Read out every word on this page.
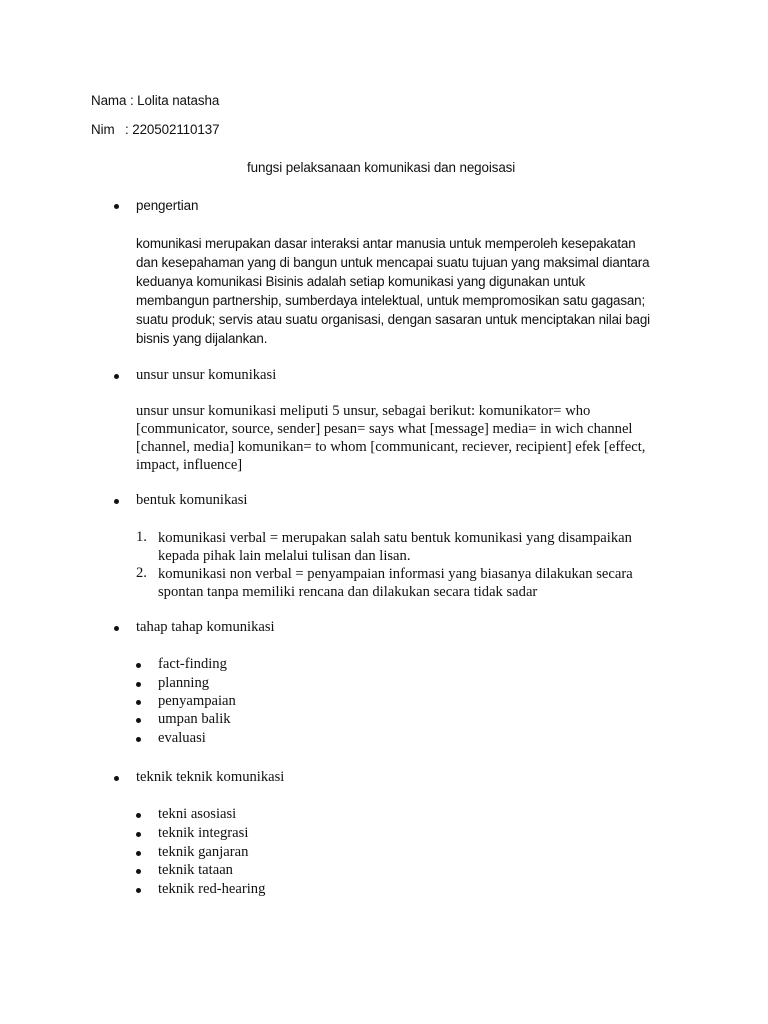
Nama : Lolita natasha
Nim : 220502110137
fungsi pelaksanaan komunikasi dan negoisasi
pengertian
komunikasi merupakan dasar interaksi antar manusia untuk memperoleh kesepakatan
dan kesepahaman yang di bangun untuk mencapai suatu tujuan yang maksimal diantara
keduanya komunikasi Bisinis adalah setiap komunikasi yang digunakan untuk
membangun partnership, sumberdaya intelektual, untuk mempromosikan satu gagasan;
suatu produk; servis atau suatu organisasi, dengan sasaran untuk menciptakan nilai bagi
bisnis yang dijalankan.
unsur unsur komunikasi
unsur unsur komunikasi meliputi 5 unsur, sebagai berikut: komunikator= who
[communicator, source, sender] pesan= says what [message] media= in wich channel
[channel, media] komunikan= to whom [communicant, reciever, recipient] efek [effect,
impact, influence]
bentuk komunikasi
1. komunikasi verbal = merupakan salah satu bentuk komunikasi yang disampaikan
kepada pihak lain melalui tulisan dan lisan.
2. komunikasi non verbal = penyampaian informasi yang biasanya dilakukan secara
spontan tanpa memiliki rencana dan dilakukan secara tidak sadar
tahap tahap komunikasi
fact-finding
planning
penyampaian
umpan balik
evaluasi
teknik teknik komunikasi
tekni asosiasi
teknik integrasi
teknik ganjaran
teknik tataan
teknik red-hearing
